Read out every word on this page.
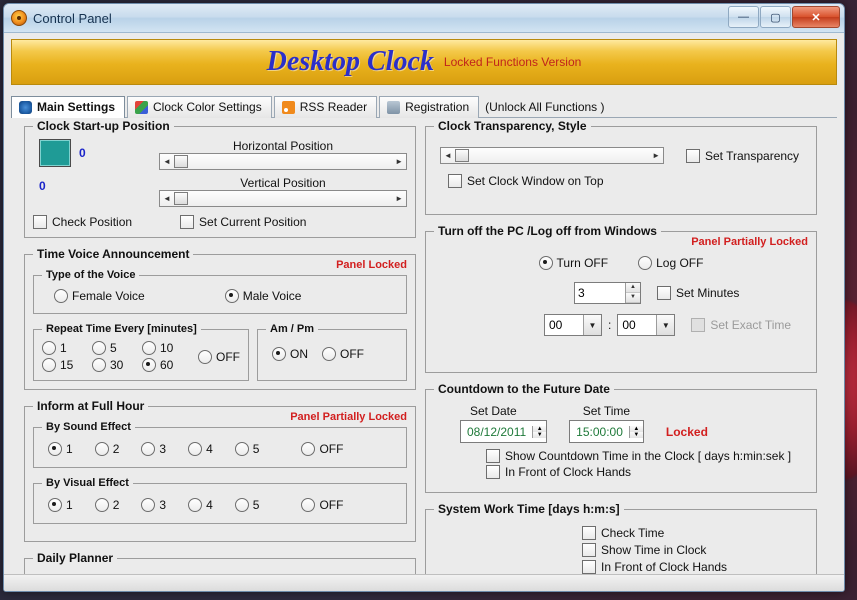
Control Panel	—	▢	✕
Desktop Clock Locked Functions Version
Main Settings	Clock Color Settings	RSS Reader	Registration (Unlock All Functions )
Clock Start-up Position
0
0
Horizontal Position
◄	►
Vertical Position
◄	►
Check Position	Set Current Position
Time Voice Announcement
Panel Locked
Type of the Voice
Female Voice	Male Voice
Repeat Time Every [minutes]
1	5	10
15	30	60
OFF
Am / Pm
ON	OFF
Inform at Full Hour
Panel Partially Locked
By Sound Effect
1	2	3	4	5	OFF
By Visual Effect
1	2	3	4	5	OFF
Daily Planner
Clock Transparency, Style
◄	►	Set Transparency
Set Clock Window on Top
Turn off the PC /Log off from Windows
Panel Partially Locked
Turn OFF	Log OFF
3
▲
▼	Set Minutes
00	▼ : 00	▼	Set Exact Time
Countdown to the Future Date
Set Date	Set Time
08/12/2011	▲
▼	15:00:00	▲
▼ Locked
Show Countdown Time in the Clock [ days h:min:sek ]
In Front of Clock Hands
System Work Time [days h:m:s]
Check Time
Show Time in Clock
In Front of Clock Hands
